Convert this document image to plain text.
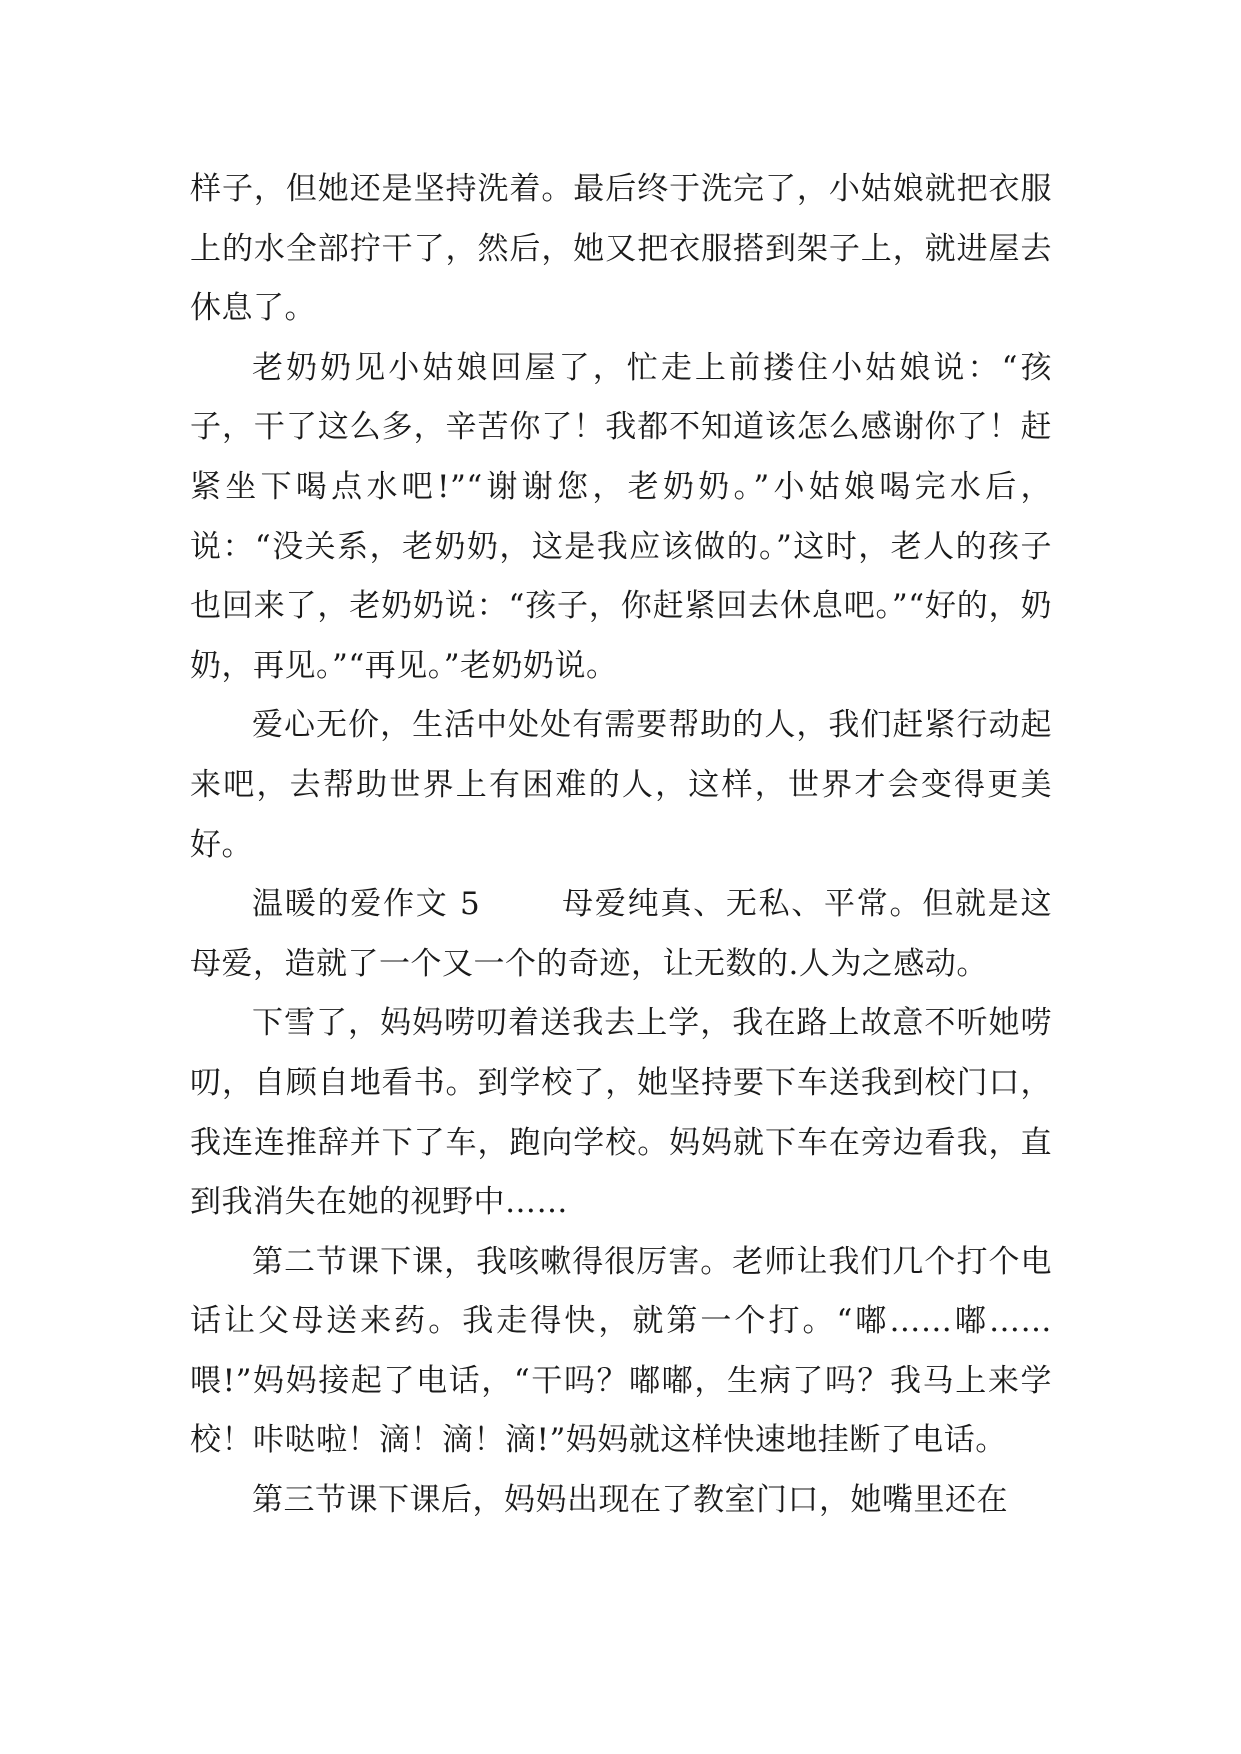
样子，但她还是坚持洗着。最后终于洗完了，小姑娘就把衣服上的水全部拧干了，然后，她又把衣服搭到架子上，就进屋去休息了。

老奶奶见小姑娘回屋了，忙走上前搂住小姑娘说：“孩子，干了这么多，辛苦你了！我都不知道该怎么感谢你了！赶紧坐下喝点水吧!”“谢谢您，老奶奶。”小姑娘喝完水后，说：“没关系，老奶奶，这是我应该做的。”这时，老人的孩子也回来了，老奶奶说：“孩子，你赶紧回去休息吧。”“好的，奶奶，再见。”“再见。”老奶奶说。

爱心无价，生活中处处有需要帮助的人，我们赶紧行动起来吧，去帮助世界上有困难的人，这样，世界才会变得更美好。

温暖的爱作文 5	母爱纯真、无私、平常。但就是这母爱，造就了一个又一个的奇迹，让无数的.人为之感动。

下雪了，妈妈唠叨着送我去上学，我在路上故意不听她唠叨，自顾自地看书。到学校了，她坚持要下车送我到校门口，我连连推辞并下了车，跑向学校。妈妈就下车在旁边看我，直到我消失在她的视野中……

第二节课下课，我咳嗽得很厉害。老师让我们几个打个电话让父母送来药。我走得快，就第一个打。“嘟……嘟……喂!”妈妈接起了电话，“干吗？嘟嘟，生病了吗？我马上来学校！咔哒啦！滴！滴！滴!”妈妈就这样快速地挂断了电话。

第三节课下课后，妈妈出现在了教室门口，她嘴里还在
